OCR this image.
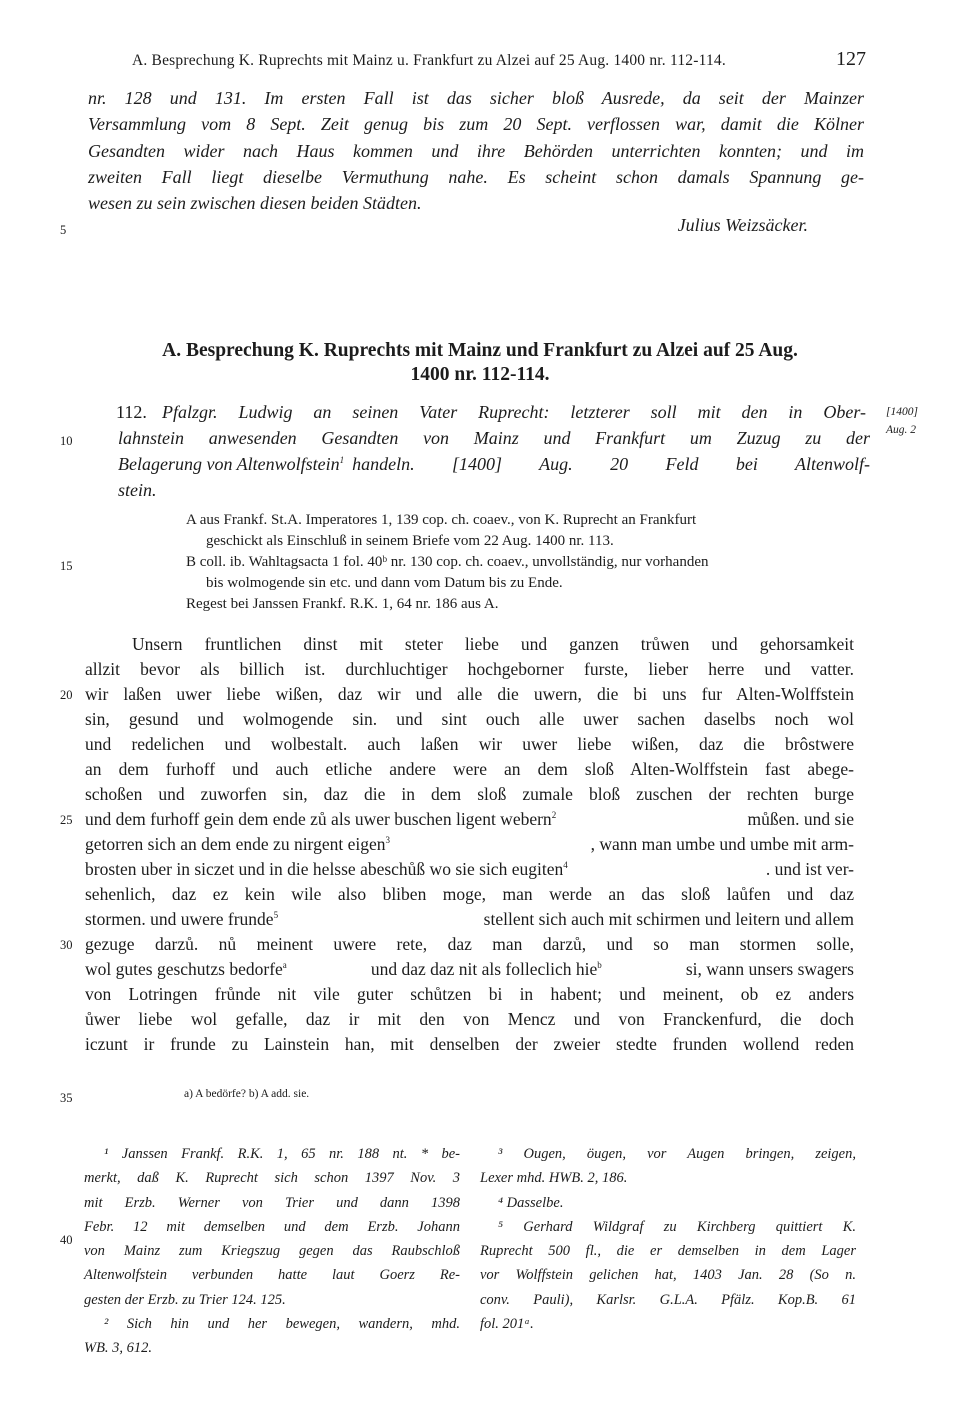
A. Besprechung K. Ruprechts mit Mainz u. Frankfurt zu Alzei auf 25 Aug. 1400 nr. 112-114.	127
nr. 128 und 131. Im ersten Fall ist das sicher bloß Ausrede, da seit der Mainzer
Versammlung vom 8 Sept. Zeit genug bis zum 20 Sept. verflossen war, damit die Kölner
Gesandten wider nach Haus kommen und ihre Behörden unterrichten konnten; und im
zweiten Fall liegt dieselbe Vermuthung nahe. Es scheint schon damals Spannung ge-
wesen zu sein zwischen diesen beiden Städten.
Julius Weizsäcker.
A. Besprechung K. Ruprechts mit Mainz und Frankfurt zu Alzei auf 25 Aug.
1400 nr. 112-114.
112. Pfalzgr. Ludwig an seinen Vater Ruprecht: letzterer soll mit den in Ober-
lahnstein anwesenden Gesandten von Mainz und Frankfurt um Zuzug zu der
Belagerung von Altenwolfstein$^1$ handeln. [1400] Aug. 20 Feld bei Altenwolf-
stein.
[1400]
Aug. 2
A aus Frankf. St.A. Imperatores 1, 139 cop. ch. coaev., von K. Ruprecht an Frankfurt
geschickt als Einschluß in seinem Briefe vom 22 Aug. 1400 nr. 113.
B coll. ib. Wahltagsacta 1 fol. 40ᵇ nr. 130 cop. ch. coaev., unvollständig, nur vorhanden
bis wolmogende sin etc. und dann vom Datum bis zu Ende.
Regest bei Janssen Frankf. R.K. 1, 64 nr. 186 aus A.
Unsern fruntlichen dinst mit steter liebe und ganzen trůwen und gehorsamkeit
allzit bevor als billich ist. durchluchtiger hochgeborner furste, lieber herre und vatter.
wir laßen uwer liebe wißen, daz wir und alle die uwern, die bi uns fur Alten-Wolffstein
sin, gesund und wolmogende sin. und sint ouch alle uwer sachen daselbs noch wol
und redelichen und wolbestalt. auch laßen wir uwer liebe wißen, daz die brôstwere
an dem furhoff und auch etliche andere were an dem sloß Alten-Wolffstein fast abege-
schoßen und zuworfen sin, daz die in dem sloß zumale bloß zuschen der rechten burge
und dem furhoff gein dem ende zů als uwer buschen ligent webern$^2$	můßen. und sie
getorren sich an dem ende zu nirgent eigen$^3$	, wann man umbe und umbe mit arm-
brosten uber in siczet und in die helsse abeschůß wo sie sich eugiten$^4$	. und ist ver-
sehenlich, daz ez kein wile also bliben moge, man werde an das sloß laůfen und daz
stormen. und uwere frunde$^5$	stellent sich auch mit schirmen und leitern und allem
gezuge darzů. nů meinent uwere rete, daz man darzů, und so man stormen solle,
wol gutes geschutzs bedorfe$^a$	und daz daz nit als folleclich hie$^b$	si, wann unsers swagers
von Lotringen frůnde nit vile guter schůtzen bi in habent; und meinent, ob ez anders
ůwer liebe wol gefalle, daz ir mit den von Mencz und von Franckenfurd, die doch
iczunt ir frunde zu Lainstein han, mit denselben der zweier stedte frunden wollend reden
a) A bedörfe? b) A add. sie.
5
10
15
20
25
30
35
40
¹ Janssen Frankf. R.K. 1, 65 nr. 188 nt. * be-
merkt, daß K. Ruprecht sich schon 1397 Nov. 3
mit Erzb. Werner von Trier und dann 1398
Febr. 12 mit demselben und dem Erzb. Johann
von Mainz zum Kriegszug gegen das Raubschloß
Altenwolfstein verbunden hatte laut Goerz Re-
gesten der Erzb. zu Trier 124. 125.
² Sich hin und her bewegen, wandern, mhd.
WB. 3, 612.
³ Ougen, öugen, vor Augen bringen, zeigen,
Lexer mhd. HWB. 2, 186.
⁴ Dasselbe.
⁵ Gerhard Wildgraf zu Kirchberg quittiert K.
Ruprecht 500 fl., die er demselben in dem Lager
vor Wolffstein gelichen hat, 1403 Jan. 28 (So n.
conv. Pauli), Karlsr. G.L.A. Pfälz. Kop.B. 61
fol. 201ᵃ.
